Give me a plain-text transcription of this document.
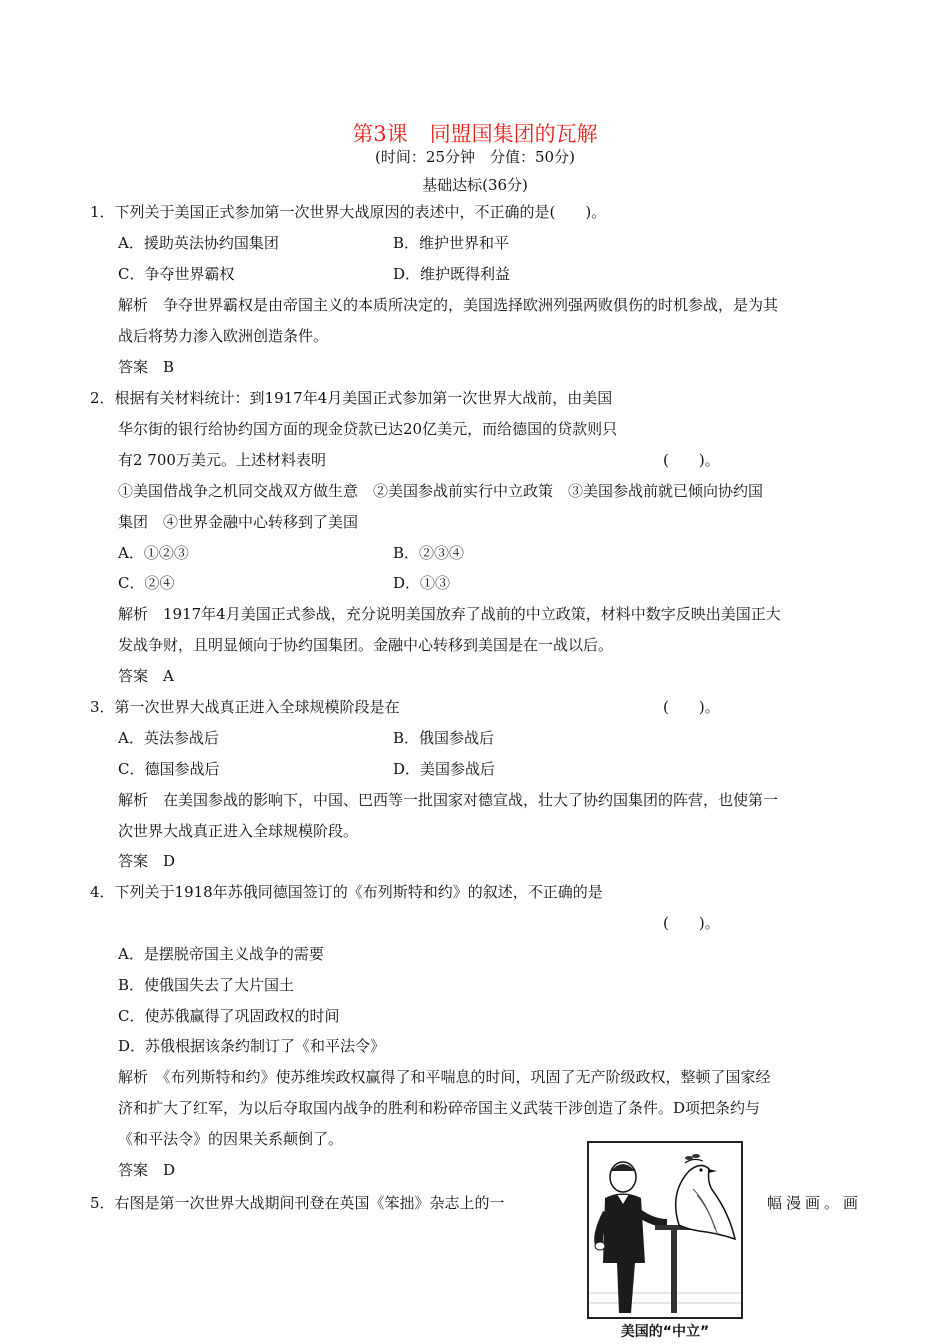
第3课 同盟国集团的瓦解
(时间：25分钟　分值：50分)
基础达标(36分)
1．下列关于美国正式参加第一次世界大战原因的表述中，不正确的是(　　)。
A．援助英法协约国集团	B．维护世界和平
C．争夺世界霸权	D．维护既得利益
解析　争夺世界霸权是由帝国主义的本质所决定的，美国选择欧洲列强两败俱伤的时机参战，是为其
战后将势力渗入欧洲创造条件。
答案　B
2．根据有关材料统计：到1917年4月美国正式参加第一次世界大战前，由美国
华尔街的银行给协约国方面的现金贷款已达20亿美元，而给德国的贷款则只
有2 700万美元。上述材料表明	(　　)。
①美国借战争之机同交战双方做生意　②美国参战前实行中立政策　③美国参战前就已倾向协约国
集团　④世界金融中心转移到了美国
A．①②③	B．②③④
C．②④	D．①③
解析　1917年4月美国正式参战，充分说明美国放弃了战前的中立政策，材料中数字反映出美国正大
发战争财，且明显倾向于协约国集团。金融中心转移到美国是在一战以后。
答案　A
3．第一次世界大战真正进入全球规模阶段是在	(　　)。
A．英法参战后	B．俄国参战后
C．德国参战后	D．美国参战后
解析　在美国参战的影响下，中国、巴西等一批国家对德宣战，壮大了协约国集团的阵营，也使第一
次世界大战真正进入全球规模阶段。
答案　D
4．下列关于1918年苏俄同德国签订的《布列斯特和约》的叙述，不正确的是
(　　)。
A．是摆脱帝国主义战争的需要
B．使俄国失去了大片国土
C．使苏俄赢得了巩固政权的时间
D．苏俄根据该条约制订了《和平法令》
解析　《布列斯特和约》使苏维埃政权赢得了和平喘息的时间，巩固了无产阶级政权，整顿了国家经
济和扩大了红军，为以后夺取国内战争的胜利和粉碎帝国主义武装干涉创造了条件。D项把条约与
《和平法令》的因果关系颠倒了。
答案　D
5．右图是第一次世界大战期间刊登在英国《笨拙》杂志上的一	幅漫画。画
美国的“中立”
